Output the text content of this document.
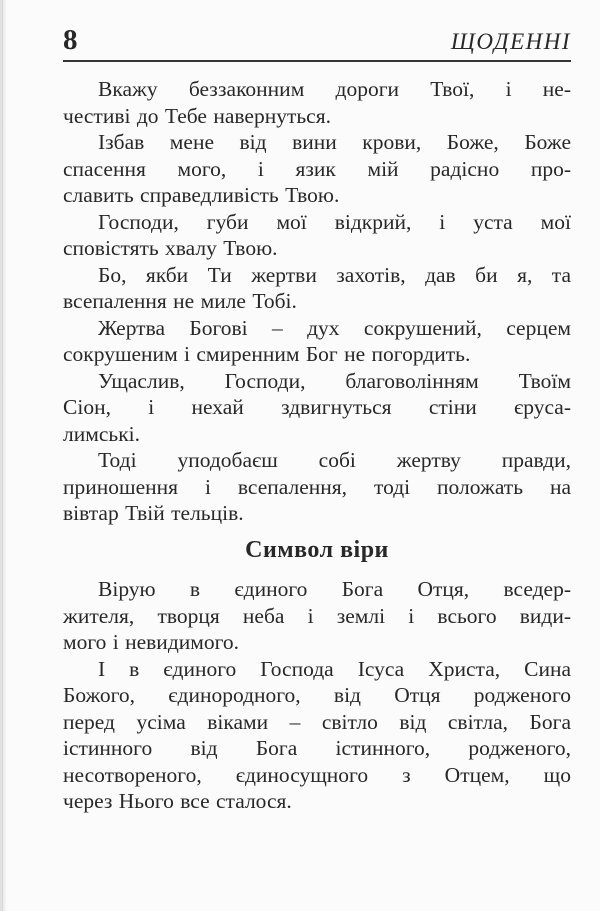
8	ЩОДЕННІ
Вкажу беззаконним дороги Твої, і не-
честиві до Тебе навернуться.
Ізбав мене від вини крови, Боже, Боже
спасення мого, і язик мій радісно про-
славить справедливість Твою.
Господи, губи мої відкрий, і уста мої
сповістять хвалу Твою.
Бо, якби Ти жертви захотів, дав би я, та
всепалення не миле Тобі.
Жертва Богові – дух сокрушений, серцем
сокрушеним і смиренним Бог не погордить.
Ущаслив, Господи, благоволінням Твоїм
Сіон, і нехай здвигнуться стіни єруса-
лимські.
Тоді уподобаєш собі жертву правди,
приношення і всепалення, тоді положать на
вівтар Твій тельців.
Символ віри
Вірую в єдиного Бога Отця, вседер-
жителя, творця неба і землі і всього види-
мого і невидимого.
І в єдиного Господа Ісуса Христа, Сина
Божого, єдинородного, від Отця родженого
перед усіма віками – світло від світла, Бога
істинного від Бога істинного, родженого,
несотвореного, єдиносущного з Отцем, що
через Нього все сталося.
